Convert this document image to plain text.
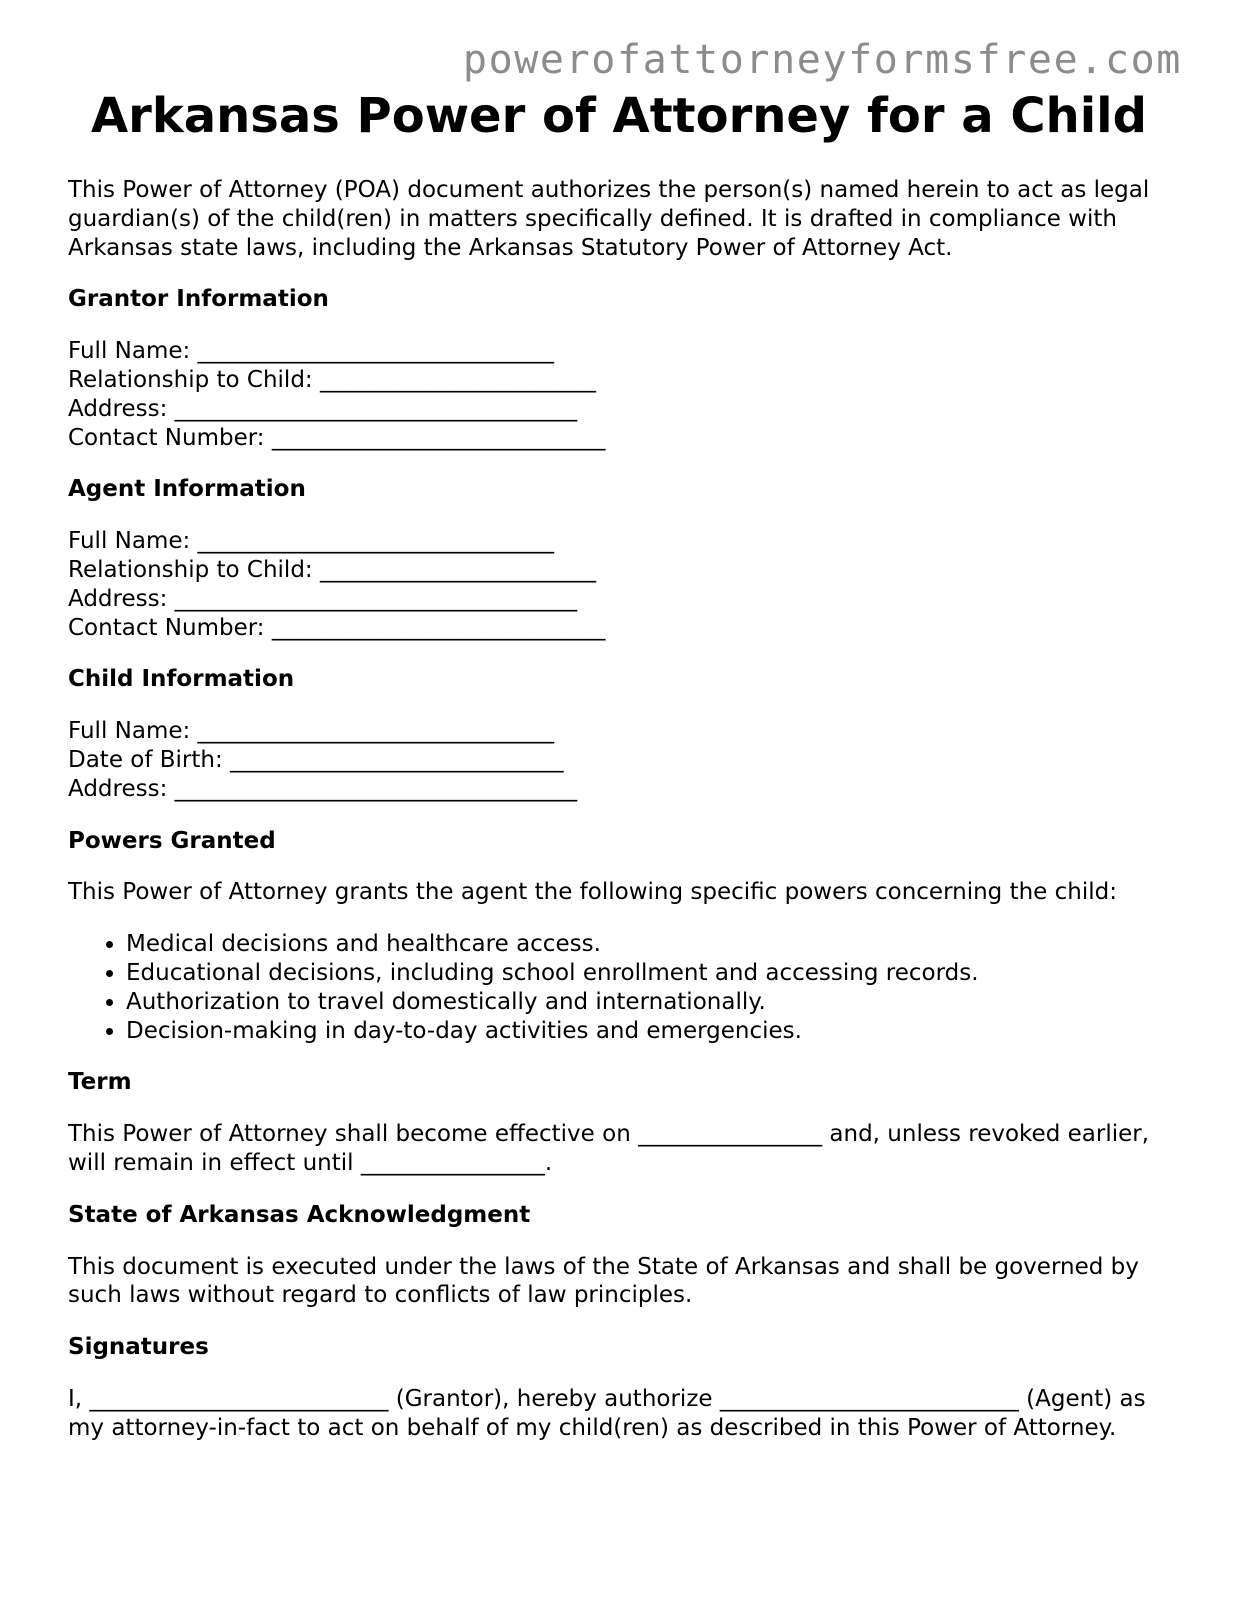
powerofattorneyformsfree.com
Arkansas Power of Attorney for a Child

This Power of Attorney (POA) document authorizes the person(s) named herein to act as legal guardian(s) of the child(ren) in matters specifically defined. It is drafted in compliance with Arkansas state laws, including the Arkansas Statutory Power of Attorney Act.

Grantor Information
Full Name: _______________________________
Relationship to Child: ________________________
Address: ___________________________________
Contact Number: _____________________________
Agent Information
Full Name: _______________________________
Relationship to Child: ________________________
Address: ___________________________________
Contact Number: _____________________________
Child Information
Full Name: _______________________________
Date of Birth: _____________________________
Address: ___________________________________
Powers Granted

This Power of Attorney grants the agent the following specific powers concerning the child:

• Medical decisions and healthcare access.
• Educational decisions, including school enrollment and accessing records.
• Authorization to travel domestically and internationally.
• Decision-making in day-to-day activities and emergencies.
Term

This Power of Attorney shall become effective on ________________ and, unless revoked earlier, will remain in effect until ________________.

State of Arkansas Acknowledgment

This document is executed under the laws of the State of Arkansas and shall be governed by such laws without regard to conflicts of law principles.

Signatures

I, __________________________ (Grantor), hereby authorize __________________________ (Agent) as my attorney-in-fact to act on behalf of my child(ren) as described in this Power of Attorney.
